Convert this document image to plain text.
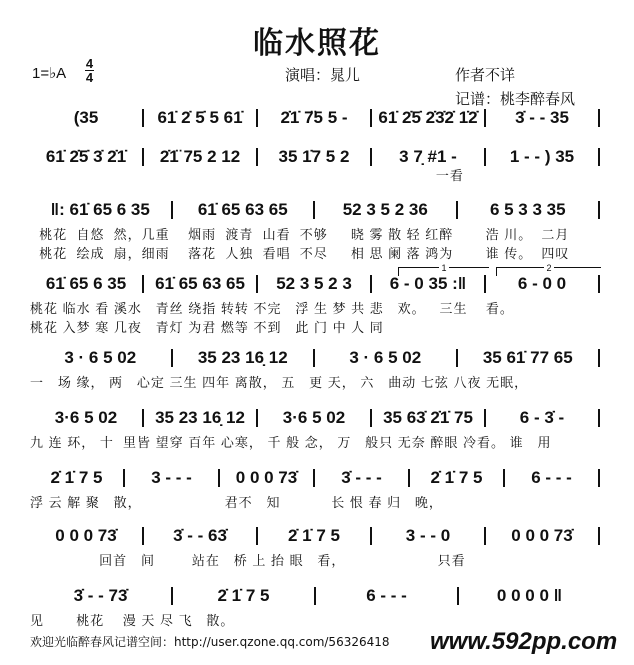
临水照花
1=♭A
4
4	演唱：晁儿	作者不详
记谱：桃李醉春风
(35	61̇ 2̇ 5̇ 5 61̇	2̇1̇ 7̈5 5 -	61̇ 2̇5̇ 2̇3̇2̇ 1̇2̇	3̇ - - 35
61̇ 2̇5̇ 3̇ 2̇1̇	2̇1̈ 75 2 12	35 1̇7 5 2	3 7̣ #1 -	1 - - ) 35
一看
‖: 61̇ 65 6 35	61̇ 65 63 65	52 3 5 2 36	6 5 3 3 35
桃花  自悠  然，几重    烟雨  渡青  山看  不够     晓 雾 散 轻 红醉       浩 川。  二月
桃花  绘成  扇，细雨    落花  人独  看唱  不尽     相 思 阑 落 鸿为       谁 传。  四叹
61̇ 65 6 35	61̇ 65 63 65	52 3 5 2 3	6 - 0 35 :‖	6 - 0 0
桃花 临水 看 溪水   青丝 绕指 转转 不完   浮 生 梦 共 悲   欢。   三生    看。
桃花 入梦 寒 几夜   青灯 为君 燃等 不到   此 门 中 人 同
3 · 6 5 02	35 23 16̣ 12	3 · 6 5 02	35 61̇ 77 65
一   场 缘， 两   心定 三生 四年 离散， 五   更 天， 六   曲动 七弦 八夜 无眠，
3·6 5 02	35 23 16̣ 12	3·6 5 02	35 63̇ 2̇1̇ 75	6 - 3̇ -
九 连 环， 十  里皆 望穿 百年 心寒， 千 般 念， 万   般只 无奈 醉眼 冷看。 谁   用
2̇ 1̇ 7 5	3 - - -	0 0 0 73̇	3̇ - - -	2̇ 1̇ 7 5	6 - - -
浮 云 解 聚   散，                  君不   知           长 恨 春 归   晚，
0 0 0 73̇	3̇ - - 63̇	2̇ 1̇ 7 5	3 - - 0	0 0 0 73̇
回首   间        站在   桥 上 抬 眼   看，                    只看
3̇ - - 73̇	2̇ 1̇ 7 5	6 - - -	0 0 0 0 ‖
见       桃花    漫 天 尽 飞   散。
1	2
欢迎光临醉春风记谱空间：http://user.qzone.qq.com/56326418 www.592pp.com
